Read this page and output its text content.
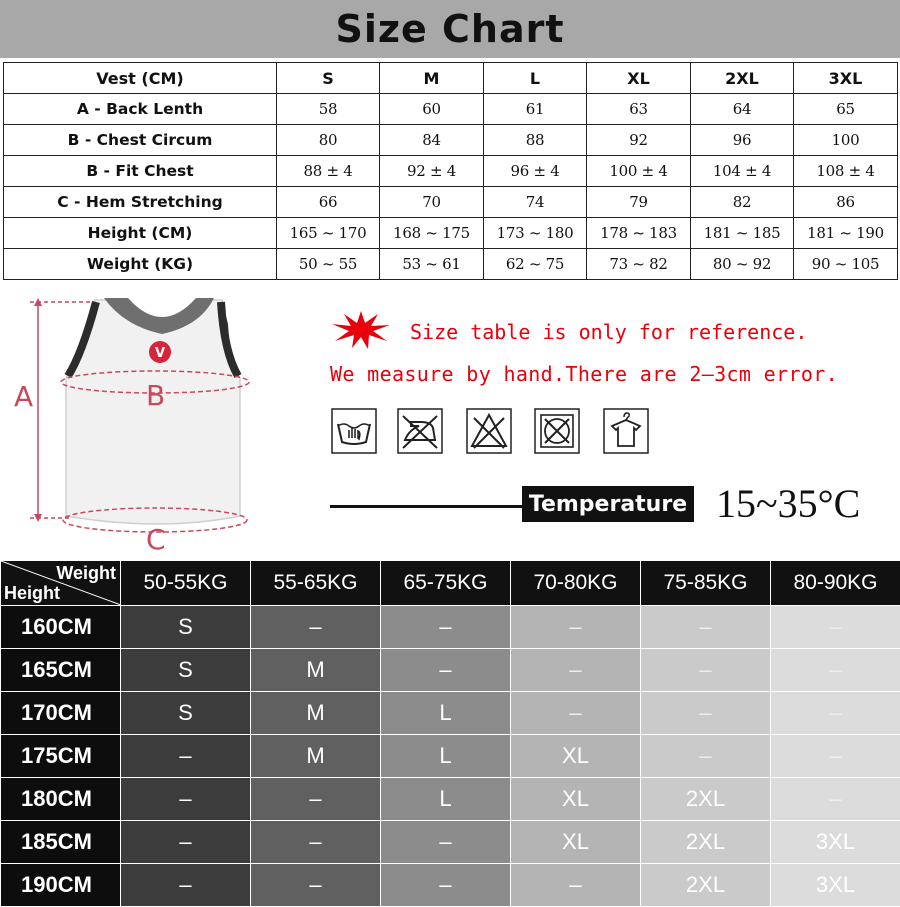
Size Chart
Vest (CM)	S	M	L	XL	2XL	3XL
A - Back Lenth	58	60	61	63	64	65
B - Chest Circum	80	84	88	92	96	100
B - Fit Chest	88 ± 4	92 ± 4	96 ± 4	100 ± 4	104 ± 4	108 ± 4
C - Hem Stretching	66	70	74	79	82	86
Height (CM)	165 ~ 170	168 ~ 175	173 ~ 180	178 ~ 183	181 ~ 185	181 ~ 190
Weight (KG)	50 ~ 55	53 ~ 61	62 ~ 75	73 ~ 82	80 ~ 92	90 ~ 105
V
A	B
C
Size table is only for reference.
We measure by hand.There are 2—3cm error.
Temperature 15~35°C
Weight
Height	50-55KG	55-65KG	65-75KG	70-80KG	75-85KG	80-90KG
160CM	S	–	–	–	–	–
165CM	S	M	–	–	–	–
170CM	S	M	L	–	–	–
175CM	–	M	L	XL	–	–
180CM	–	–	L	XL	2XL	–
185CM	–	–	–	XL	2XL	3XL
190CM	–	–	–	–	2XL	3XL
